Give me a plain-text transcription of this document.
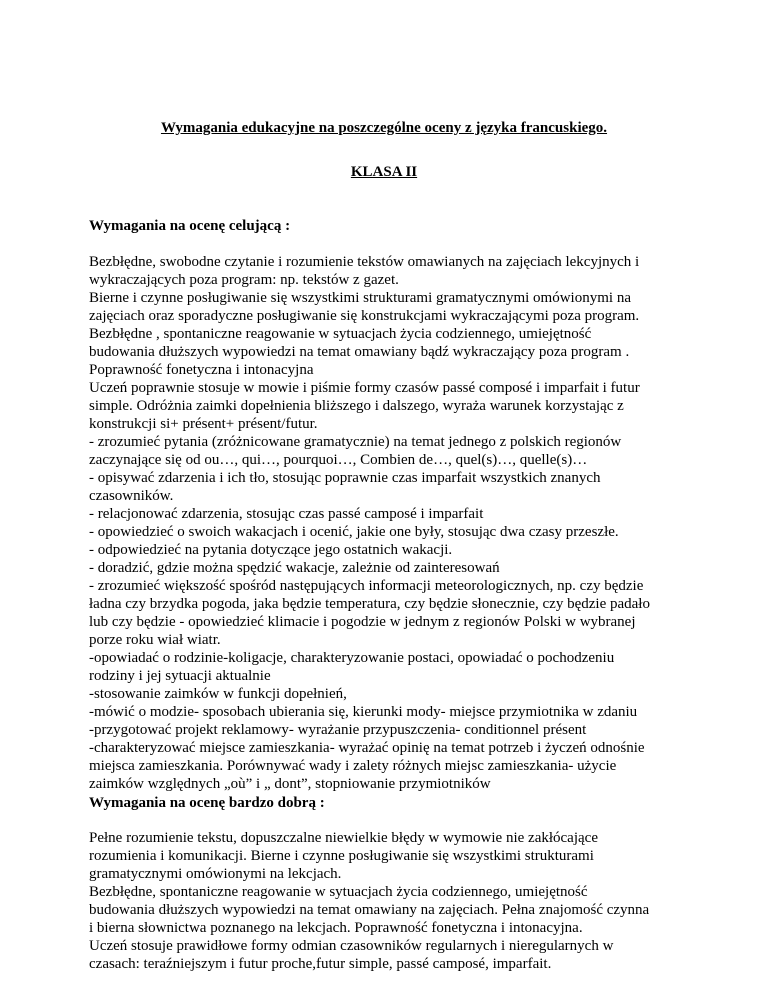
Wymagania edukacyjne na poszczególne oceny z języka francuskiego.
KLASA II
Wymagania na ocenę celującą :
Bezbłędne, swobodne czytanie i rozumienie tekstów omawianych na zajęciach lekcyjnych i
wykraczających poza program: np. tekstów z gazet.
Bierne i czynne posługiwanie się wszystkimi strukturami gramatycznymi omówionymi na
zajęciach oraz sporadyczne posługiwanie się konstrukcjami wykraczającymi poza program.
Bezbłędne , spontaniczne reagowanie w sytuacjach życia codziennego, umiejętność
budowania dłuższych wypowiedzi na temat omawiany bądź wykraczający poza program .
Poprawność fonetyczna i intonacyjna
Uczeń poprawnie stosuje w mowie i piśmie formy czasów passé composé i imparfait i futur
simple. Odróżnia zaimki dopełnienia bliższego i dalszego, wyraża warunek korzystając z
konstrukcji si+ présent+ présent/futur.
- zrozumieć pytania (zróżnicowane gramatycznie) na temat jednego z polskich regionów
zaczynające się od ou…, qui…, pourquoi…, Combien de…, quel(s)…, quelle(s)…
- opisywać zdarzenia i ich tło, stosując poprawnie czas imparfait wszystkich znanych
czasowników.
- relacjonować zdarzenia, stosując czas passé camposé i imparfait
- opowiedzieć o swoich wakacjach i ocenić, jakie one były, stosując dwa czasy przeszłe.
- odpowiedzieć na pytania dotyczące jego ostatnich wakacji.
- doradzić, gdzie można spędzić wakacje, zależnie od zainteresowań
- zrozumieć większość spośród następujących informacji meteorologicznych, np. czy będzie
ładna czy brzydka pogoda, jaka będzie temperatura, czy będzie słonecznie, czy będzie padało
lub czy będzie - opowiedzieć klimacie i pogodzie w jednym z regionów Polski w wybranej
porze roku wiał wiatr.
-opowiadać o rodzinie-koligacje, charakteryzowanie postaci, opowiadać o pochodzeniu
rodziny i jej sytuacji aktualnie
-stosowanie zaimków w funkcji dopełnień,
-mówić o modzie- sposobach ubierania się, kierunki mody- miejsce przymiotnika w zdaniu
-przygotować projekt reklamowy- wyrażanie przypuszczenia- conditionnel présent
-charakteryzować miejsce zamieszkania- wyrażać opinię na temat potrzeb i życzeń odnośnie
miejsca zamieszkania. Porównywać wady i zalety różnych miejsc zamieszkania- użycie
zaimków względnych „où” i „ dont”, stopniowanie przymiotników
Wymagania na ocenę bardzo dobrą :
Pełne rozumienie tekstu, dopuszczalne niewielkie błędy w wymowie nie zakłócające
rozumienia i komunikacji. Bierne i czynne posługiwanie się wszystkimi strukturami
gramatycznymi omówionymi na lekcjach.
Bezbłędne, spontaniczne reagowanie w sytuacjach życia codziennego, umiejętność
budowania dłuższych wypowiedzi na temat omawiany na zajęciach. Pełna znajomość czynna
i bierna słownictwa poznanego na lekcjach. Poprawność fonetyczna i intonacyjna.
Uczeń stosuje prawidłowe formy odmian czasowników regularnych i nieregularnych w
czasach: teraźniejszym i futur proche,futur simple, passé camposé, imparfait.
